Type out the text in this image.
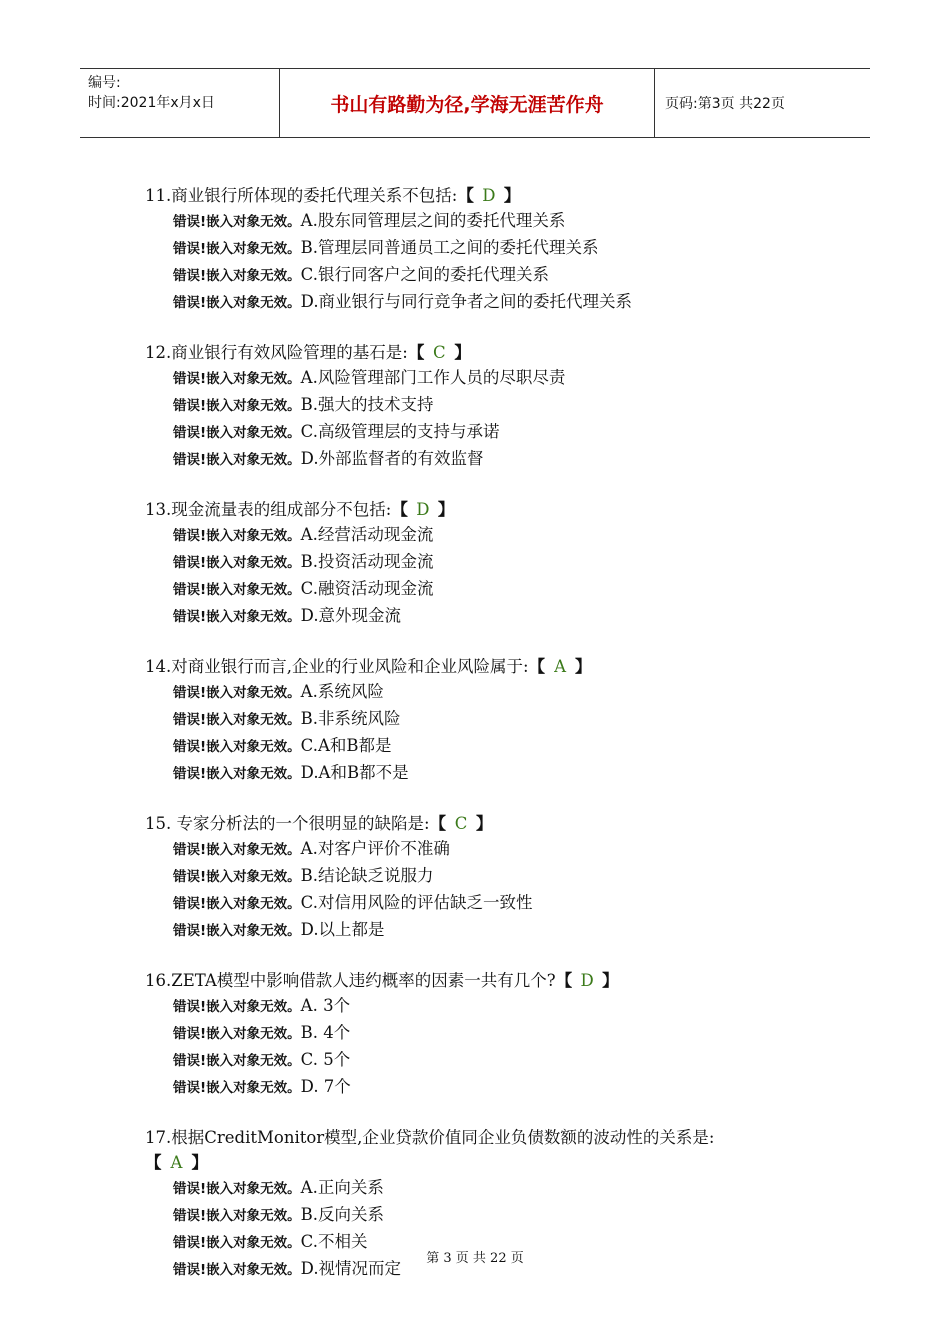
编号:
时间:2021年x月x日	书山有路勤为径,学海无涯苦作舟	页码:第3页 共22页
11.商业银行所体现的委托代理关系不包括:【 D 】
错误!嵌入对象无效。A.股东同管理层之间的委托代理关系
错误!嵌入对象无效。B.管理层同普通员工之间的委托代理关系
错误!嵌入对象无效。C.银行同客户之间的委托代理关系
错误!嵌入对象无效。D.商业银行与同行竞争者之间的委托代理关系
12.商业银行有效风险管理的基石是:【 C 】
错误!嵌入对象无效。A.风险管理部门工作人员的尽职尽责
错误!嵌入对象无效。B.强大的技术支持
错误!嵌入对象无效。C.高级管理层的支持与承诺
错误!嵌入对象无效。D.外部监督者的有效监督
13.现金流量表的组成部分不包括:【 D 】
错误!嵌入对象无效。A.经营活动现金流
错误!嵌入对象无效。B.投资活动现金流
错误!嵌入对象无效。C.融资活动现金流
错误!嵌入对象无效。D.意外现金流
14.对商业银行而言,企业的行业风险和企业风险属于:【 A 】
错误!嵌入对象无效。A.系统风险
错误!嵌入对象无效。B.非系统风险
错误!嵌入对象无效。C.A和B都是
错误!嵌入对象无效。D.A和B都不是
15. 专家分析法的一个很明显的缺陷是:【 C 】
错误!嵌入对象无效。A.对客户评价不准确
错误!嵌入对象无效。B.结论缺乏说服力
错误!嵌入对象无效。C.对信用风险的评估缺乏一致性
错误!嵌入对象无效。D.以上都是
16.ZETA模型中影响借款人违约概率的因素一共有几个?【 D 】
错误!嵌入对象无效。A. 3个
错误!嵌入对象无效。B. 4个
错误!嵌入对象无效。C. 5个
错误!嵌入对象无效。D. 7个
17.根据CreditMonitor模型,企业贷款价值同企业负债数额的波动性的关系是:
【 A 】
错误!嵌入对象无效。A.正向关系
错误!嵌入对象无效。B.反向关系
错误!嵌入对象无效。C.不相关
错误!嵌入对象无效。D.视情况而定
第 3 页 共 22 页
